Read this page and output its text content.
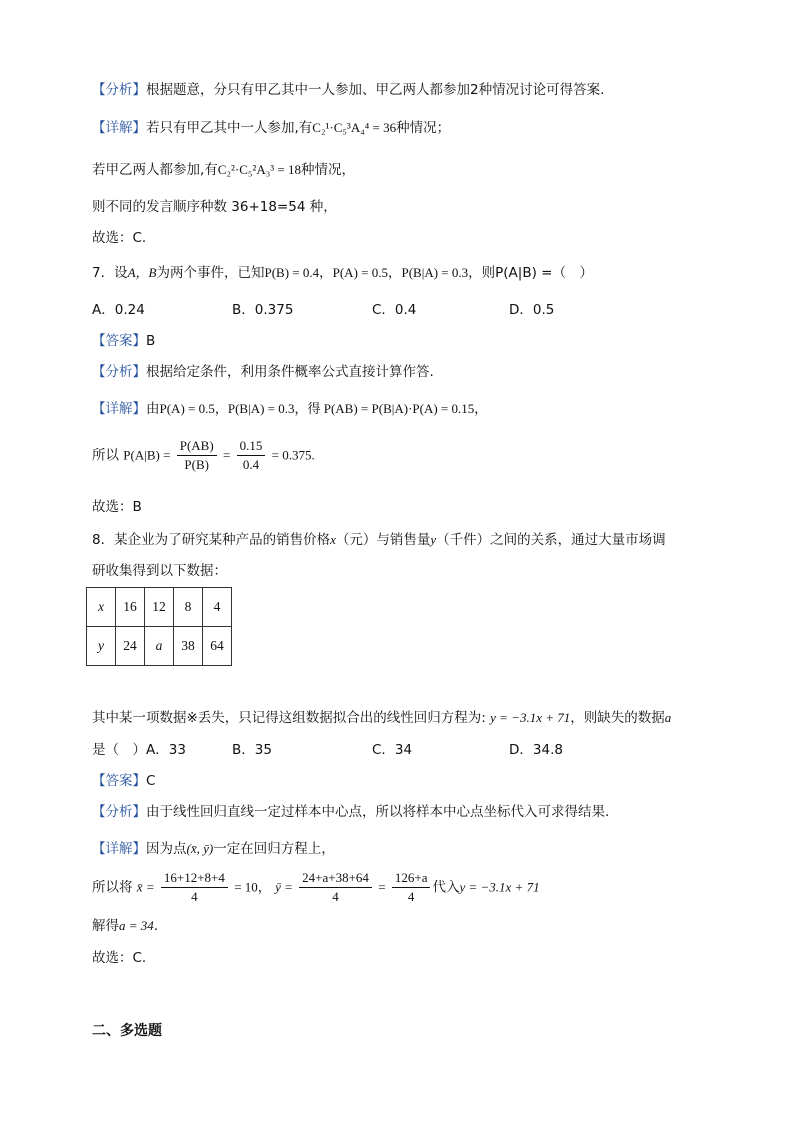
【分析】根据题意，分只有甲乙其中一人参加、甲乙两人都参加2种情况讨论可得答案.
【详解】若只有甲乙其中一人参加,有C₂¹·C₅³A₄⁴ = 36种情况；
若甲乙两人都参加,有C₂²·C₅²A₃³ = 18种情况，
则不同的发言顺序种数 36+18=54 种，
故选：C.
7．设A，B为两个事件，已知P(B) = 0.4，P(A) = 0.5，P(B|A) = 0.3，则P(A|B) =（　）
A．0.24	B．0.375	C．0.4	D．0.5
【答案】B
【分析】根据给定条件，利用条件概率公式直接计算作答.
【详解】由P(A) = 0.5，P(B|A) = 0.3，得 P(AB) = P(B|A)·P(A) = 0.15，
所以 $P(A|B) = \frac{P(AB)}{P(B)} = \frac{0.15}{0.4} = 0.375$.
故选：B
8．某企业为了研究某种产品的销售价格x（元）与销售量y（千件）之间的关系，通过大量市场调
研收集得到以下数据：
x	16	12	8	4
y	24	a	38	64
其中某一项数据※丢失，只记得这组数据拟合出的线性回归方程为: y = −3.1x + 71，则缺失的数据a
是（　） A．33	B．35	C．34	D．34.8
【答案】C
【分析】由于线性回归直线一定过样本中心点，所以将样本中心点坐标代入可求得结果.
【详解】因为点(x̄, ȳ)一定在回归方程上，
所以将 x̄ = $\frac{16+12+8+4}{4} = 10$， ȳ = $\frac{24+a+38+64}{4} = \frac{126+a}{4}$ 代入y = −3.1x + 71
解得a = 34.
故选：C.
二、多选题
